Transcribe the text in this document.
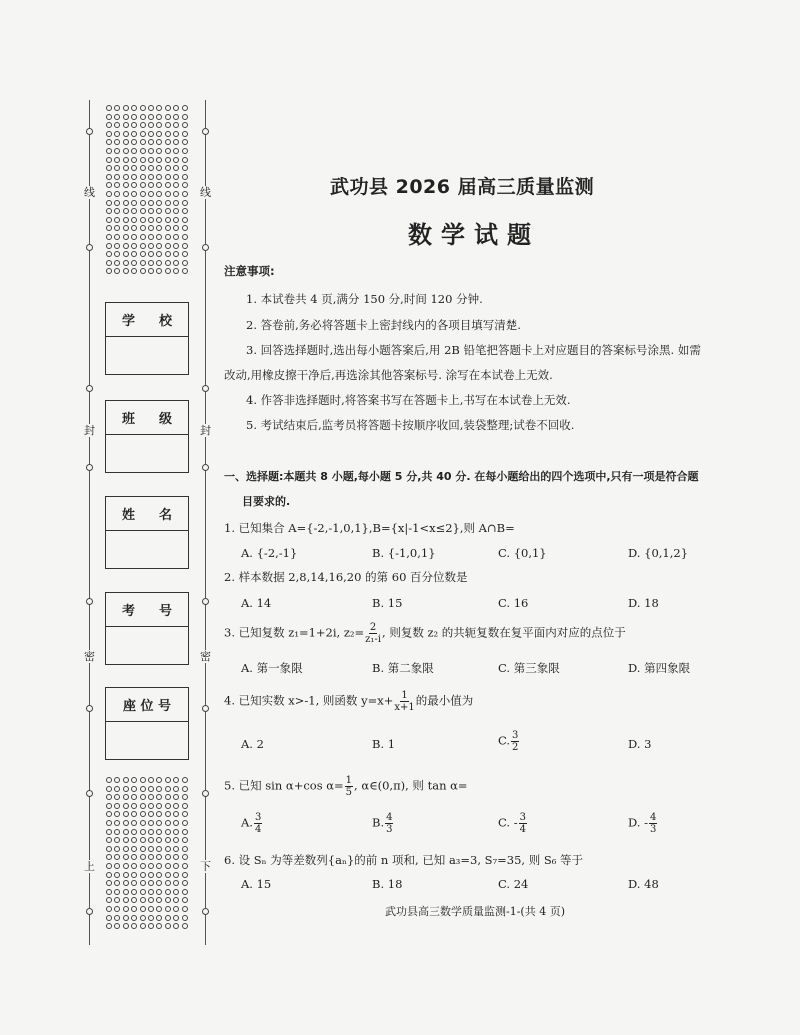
线	线
封	封
密	密
上	下
学 校
班 级
姓 名
考 号
座 位 号
武功县 2026 届高三质量监测
数学试题
注意事项:
1. 本试卷共 4 页,满分 150 分,时间 120 分钟.
2. 答卷前,务必将答题卡上密封线内的各项目填写清楚.
3. 回答选择题时,选出每小题答案后,用 2B 铅笔把答题卡上对应题目的答案标号涂黑. 如需
改动,用橡皮擦干净后,再选涂其他答案标号. 涂写在本试卷上无效.
4. 作答非选择题时,将答案书写在答题卡上,书写在本试卷上无效.
5. 考试结束后,监考员将答题卡按顺序收回,装袋整理;试卷不回收.
一、选择题:本题共 8 小题,每小题 5 分,共 40 分. 在每小题给出的四个选项中,只有一项是符合题
目要求的.
1. 已知集合 A={-2,-1,0,1},B={x|-1<x≤2},则 A∩B=
A. {-2,-1}	B. {-1,0,1}	C. {0,1}	D. {0,1,2}
2. 样本数据 2,8,14,16,20 的第 60 百分位数是
A. 14	B. 15	C. 16	D. 18
3. 已知复数 z₁=1+2i, $z_2= \frac{2}{\text{z₁-i}}$ , 则复数 z₂ 的共轭复数在复平面内对应的点位于
A. 第一象限	B. 第二象限	C. 第三象限	D. 第四象限
4. 已知实数 x>-1, 则函数 $y=x+ \frac{1}{x+1}$ 的最小值为
A. 2	B. 1	C. $\frac{3}{2}$	D. 3
5. 已知 sin α+cos $\alpha= \frac{1}{5}$ , α∈(0,π), 则 tan α=
A. $\frac{3}{4}$	B. $\frac{4}{3}$	C. - $\frac{3}{4}$	D. - $\frac{4}{3}$
6. 设 Sₙ 为等差数列{aₙ}的前 n 项和, 已知 a₃=3, S₇=35, 则 S₆ 等于
A. 15	B. 18	C. 24	D. 48
武功县高三数学质量监测-1-(共 4 页)
